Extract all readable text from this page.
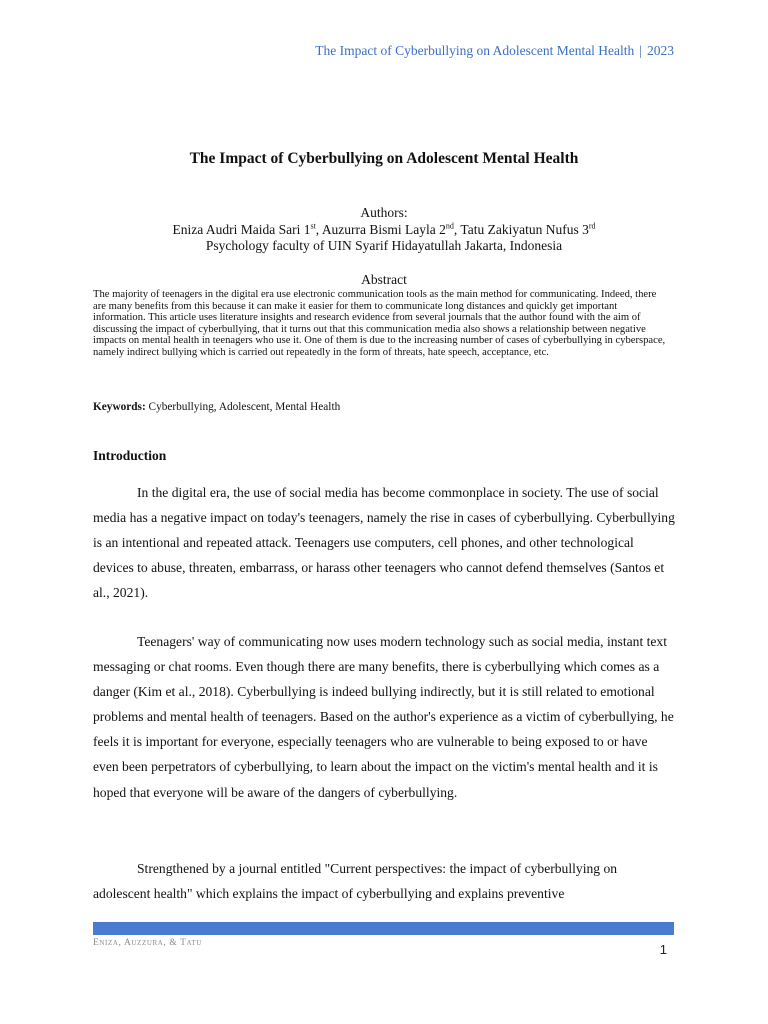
The Impact of Cyberbullying on Adolescent Mental Health | 2023
The Impact of Cyberbullying on Adolescent Mental Health
Authors:
Eniza Audri Maida Sari 1st, Auzurra Bismi Layla 2nd, Tatu Zakiyatun Nufus 3rd
Psychology faculty of UIN Syarif Hidayatullah Jakarta, Indonesia
Abstract
The majority of teenagers in the digital era use electronic communication tools as the main method for communicating. Indeed, there are many benefits from this because it can make it easier for them to communicate long distances and quickly get important information. This article uses literature insights and research evidence from several journals that the author found with the aim of discussing the impact of cyberbullying, that it turns out that this communication media also shows a relationship between negative impacts on mental health in teenagers who use it. One of them is due to the increasing number of cases of cyberbullying in cyberspace, namely indirect bullying which is carried out repeatedly in the form of threats, hate speech, acceptance, etc.
Keywords: Cyberbullying, Adolescent, Mental Health
Introduction

In the digital era, the use of social media has become commonplace in society. The use of social media has a negative impact on today's teenagers, namely the rise in cases of cyberbullying. Cyberbullying is an intentional and repeated attack. Teenagers use computers, cell phones, and other technological devices to abuse, threaten, embarrass, or harass other teenagers who cannot defend themselves (Santos et al., 2021).

Teenagers' way of communicating now uses modern technology such as social media, instant text messaging or chat rooms. Even though there are many benefits, there is cyberbullying which comes as a danger (Kim et al., 2018). Cyberbullying is indeed bullying indirectly, but it is still related to emotional problems and mental health of teenagers. Based on the author's experience as a victim of cyberbullying, he feels it is important for everyone, especially teenagers who are vulnerable to being exposed to or have even been perpetrators of cyberbullying, to learn about the impact on the victim's mental health and it is hoped that everyone will be aware of the dangers of cyberbullying.

Strengthened by a journal entitled "Current perspectives: the impact of cyberbullying on adolescent health" which explains the impact of cyberbullying and explains preventive

Eniza, Auzzura, & Tatu	1
